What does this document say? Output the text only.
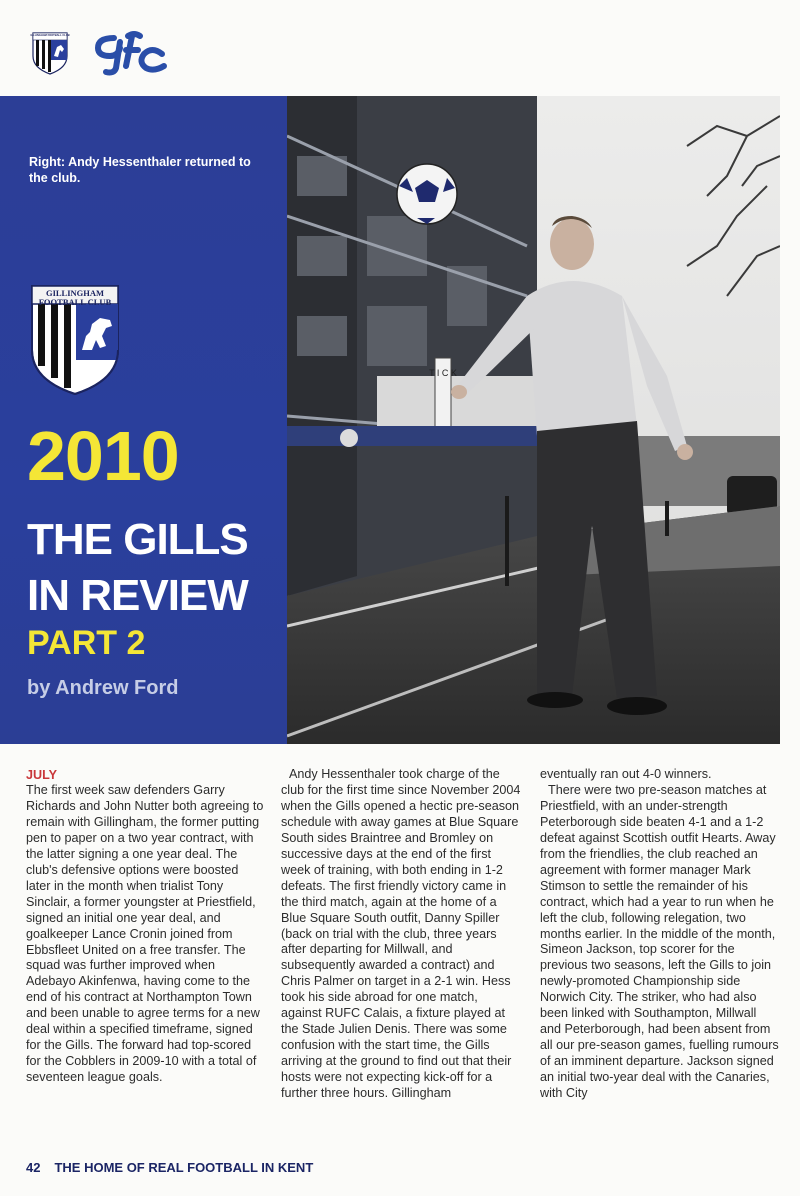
GILLINGHAM FOOTBALL CLUB
Right: Andy Hessenthaler returned to the club.
GILLINGHAM FOOTBALL CLUB
2010
THE GILLS
IN REVIEW
PART 2
by Andrew Ford
T I C K
JULY

The first week saw defenders Garry Richards and John Nutter both agreeing to remain with Gillingham, the former putting pen to paper on a two year contract, with the latter signing a one year deal. The club's defensive options were boosted later in the month when trialist Tony Sinclair, a former youngster at Priestfield, signed an initial one year deal, and goalkeeper Lance Cronin joined from Ebbsfleet United on a free transfer. The squad was further improved when Adebayo Akinfenwa, having come to the end of his contract at Northampton Town and been unable to agree terms for a new deal within a specified timeframe, signed for the Gills. The forward had top-scored for the Cobblers in 2009-10 with a total of seventeen league goals.

Andy Hessenthaler took charge of the club for the first time since November 2004 when the Gills opened a hectic pre-season schedule with away games at Blue Square South sides Braintree and Bromley on successive days at the end of the first week of training, with both ending in 1-2 defeats. The first friendly victory came in the third match, again at the home of a Blue Square South outfit, Danny Spiller (back on trial with the club, three years after departing for Millwall, and subsequently awarded a contract) and Chris Palmer on target in a 2-1 win. Hess took his side abroad for one match, against RUFC Calais, a fixture played at the Stade Julien Denis. There was some confusion with the start time, the Gills arriving at the ground to find out that their hosts were not expecting kick-off for a further three hours. Gillingham

eventually ran out 4-0 winners.

There were two pre-season matches at Priestfield, with an under-strength Peterborough side beaten 4-1 and a 1-2 defeat against Scottish outfit Hearts. Away from the friendlies, the club reached an agreement with former manager Mark Stimson to settle the remainder of his contract, which had a year to run when he left the club, following relegation, two months earlier. In the middle of the month, Simeon Jackson, top scorer for the previous two seasons, left the Gills to join newly-promoted Championship side Norwich City. The striker, who had also been linked with Southampton, Millwall and Peterborough, had been absent from all our pre-season games, fuelling rumours of an imminent departure. Jackson signed an initial two-year deal with the Canaries, with City

42 THE HOME OF REAL FOOTBALL IN KENT
